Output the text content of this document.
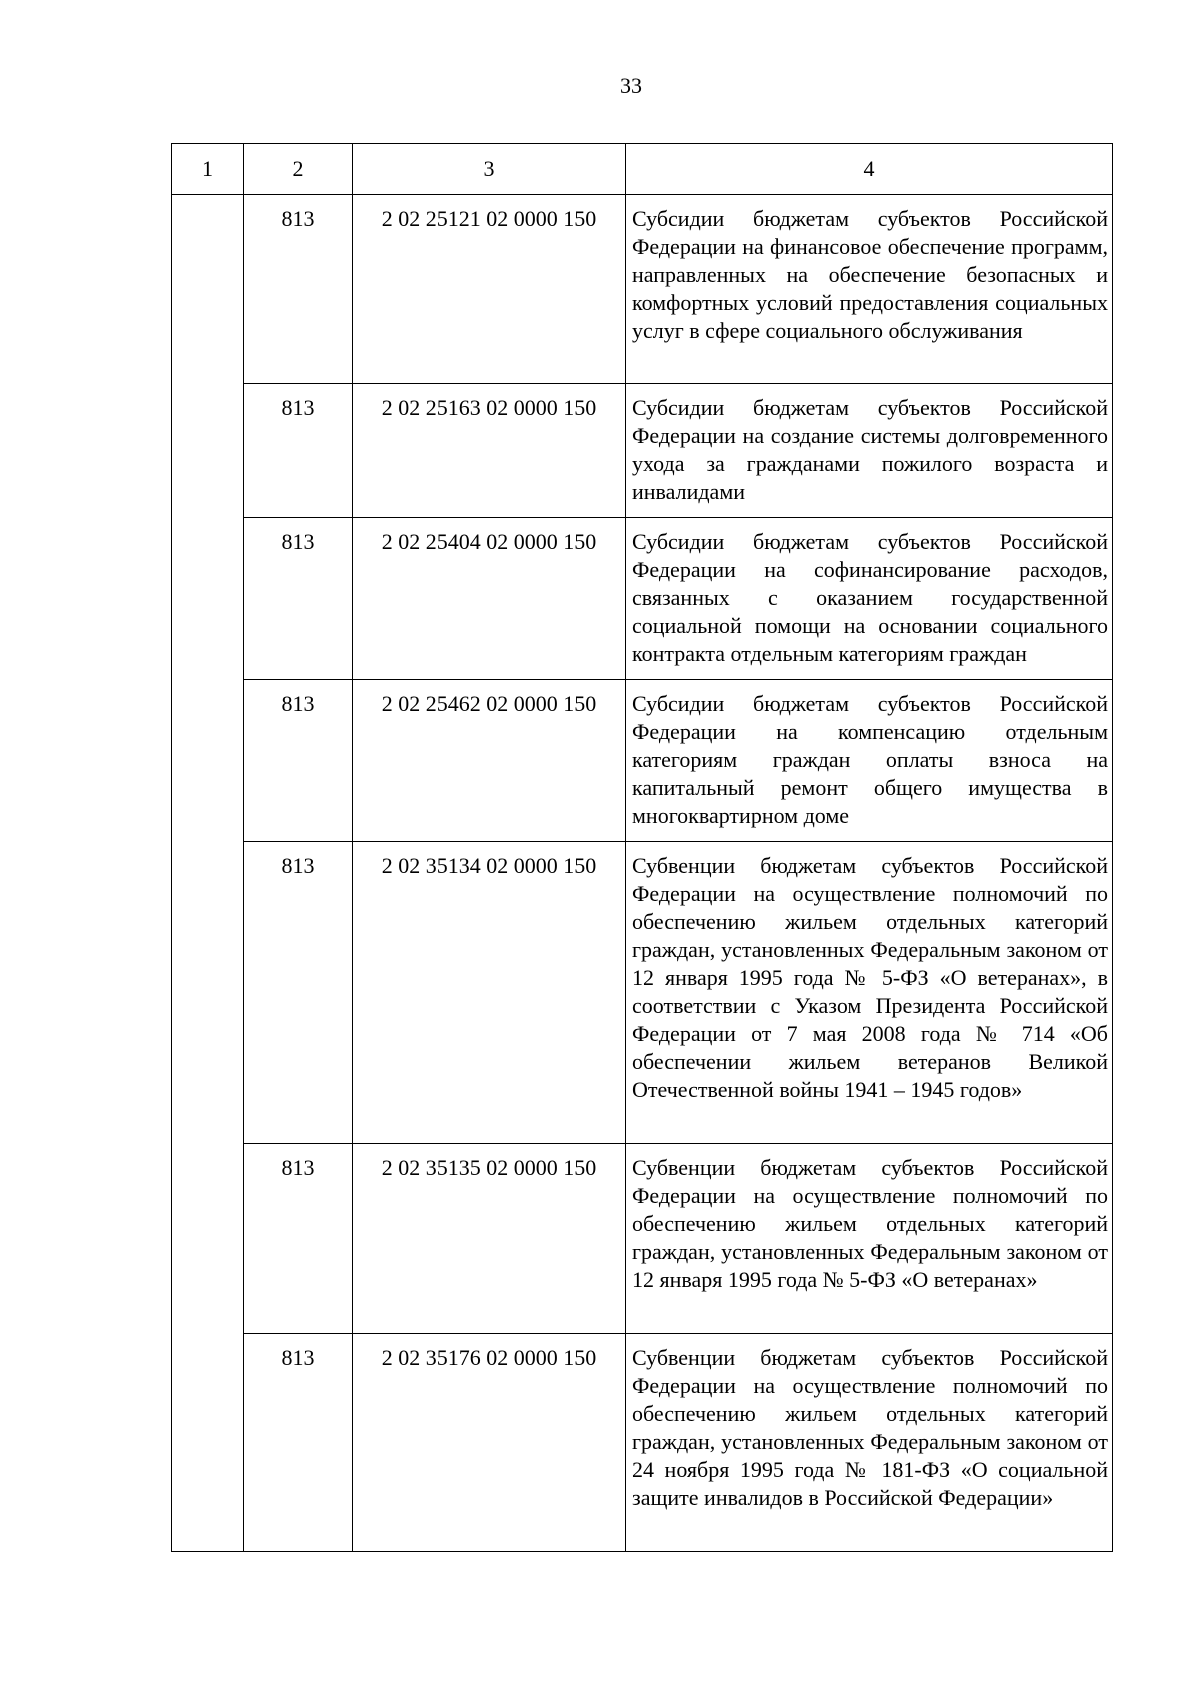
33
1	2	3	4
	813	2 02 25121 02 0000 150	Субсидии бюджетам субъектов Российской Федерации на финансовое обеспечение программ, направленных на обеспечение безопасных и комфортных условий предоставления социальных услуг в сфере социального обслуживания
	813	2 02 25163 02 0000 150	Субсидии бюджетам субъектов Российской Федерации на создание системы долговременного ухода за гражданами пожилого возраста и инвалидами
	813	2 02 25404 02 0000 150	Субсидии бюджетам субъектов Российской Федерации на софинансирование расходов, связанных с оказанием государственной социальной помощи на основании социального контракта отдельным категориям граждан
	813	2 02 25462 02 0000 150	Субсидии бюджетам субъектов Российской Федерации на компенсацию отдельным категориям граждан оплаты взноса на капитальный ремонт общего имущества в многоквартирном доме
	813	2 02 35134 02 0000 150	Субвенции бюджетам субъектов Российской Федерации на осуществление полномочий по обеспечению жильем отдельных категорий граждан, установленных Федеральным законом от 12 января 1995 года № 5-ФЗ «О ветеранах», в соответствии с Указом Президента Российской Федерации от 7 мая 2008 года № 714 «Об обеспечении жильем ветеранов Великой Отечественной войны 1941 – 1945 годов»
	813	2 02 35135 02 0000 150	Субвенции бюджетам субъектов Российской Федерации на осуществление полномочий по обеспечению жильем отдельных категорий граждан, установленных Федеральным законом от 12 января 1995 года № 5-ФЗ «О ветеранах»
	813	2 02 35176 02 0000 150	Субвенции бюджетам субъектов Российской Федерации на осуществление полномочий по обеспечению жильем отдельных категорий граждан, установленных Федеральным законом от 24 ноября 1995 года № 181-ФЗ «О социальной защите инвалидов в Российской Федерации»
